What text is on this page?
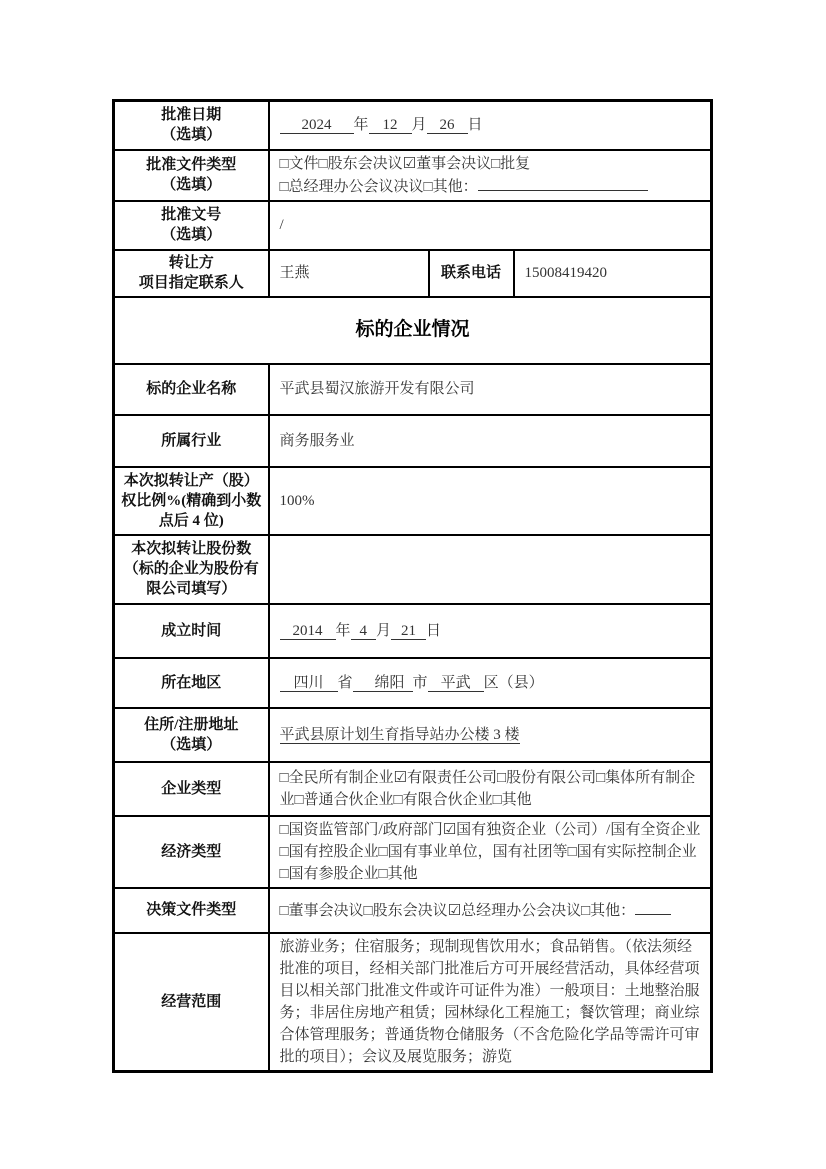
批准日期
（选填）	2024 年 12 月 26 日		
批准文件类型
（选填）	□文件□股东会决议☑董事会决议□批复
□总经理办公会议决议□其他：		
批准文号
（选填）	/		
转让方
项目指定联系人	王燕	联系电话	15008419420
标的企业情况			
标的企业名称	平武县蜀汉旅游开发有限公司		
所属行业	商务服务业		
本次拟转让产（股）权比例%(精确到小数点后 4 位)	100%		
本次拟转让股份数（标的企业为股份有限公司填写）			
成立时间	2014 年 4 月 21 日		
所在地区	四川 省 绵阳 市 平武 区（县）		
住所/注册地址
（选填）	平武县原计划生育指导站办公楼 3 楼		
企业类型	□全民所有制企业☑有限责任公司□股份有限公司□集体所有制企业□普通合伙企业□有限合伙企业□其他		
经济类型	□国资监管部门/政府部门☑国有独资企业（公司）/国有全资企业□国有控股企业□国有事业单位，国有社团等□国有实际控制企业□国有参股企业□其他		
决策文件类型	□董事会决议□股东会决议☑总经理办公会决议□其他：		
经营范围	旅游业务；住宿服务；现制现售饮用水；食品销售。（依法须经批准的项目，经相关部门批准后方可开展经营活动，具体经营项目以相关部门批准文件或许可证件为准）一般项目：土地整治服务；非居住房地产租赁；园林绿化工程施工；餐饮管理；商业综合体管理服务；普通货物仓储服务（不含危险化学品等需许可审批的项目）；会议及展览服务；游览		
